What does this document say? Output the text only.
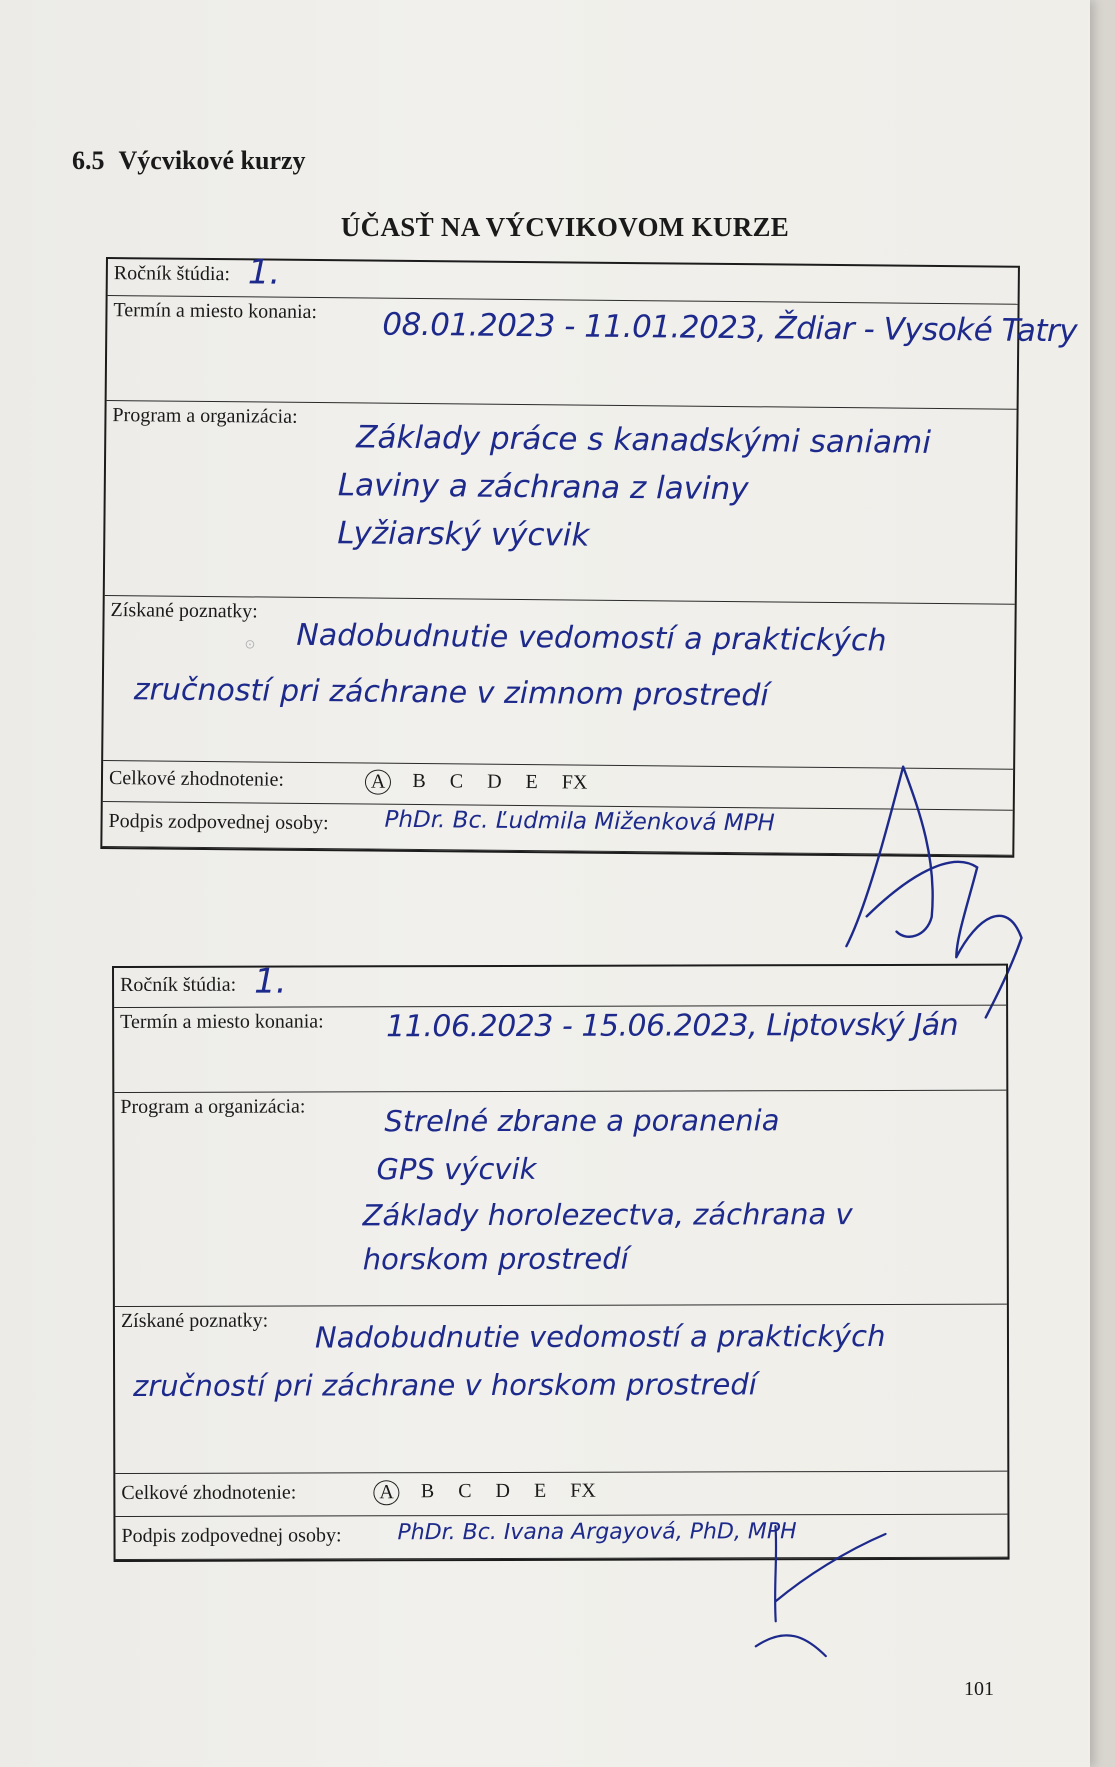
6.5 Výcvikové kurzy
ÚČASŤ NA VÝCVIKOVOM KURZE
Ročník štúdia: 1.
Termín a miesto konania: 08.01.2023 - 11.01.2023, Ždiar - Vysoké Tatry
Program a organizácia:
Základy práce s kanadskými saniami
Laviny a záchrana z laviny
Lyžiarský výcvik
Získané poznatky:
Nadobudnutie vedomostí a praktických
zručností pri záchrane v zimnom prostredí
⊙
Celkové zhodnotenie:	A	B C D E FX
Podpis zodpovednej osoby: PhDr. Bc. Ľudmila Miženková MPH
Ročník štúdia: 1.
Termín a miesto konania: 11.06.2023 - 15.06.2023, Liptovský Ján
Program a organizácia:	Strelné zbrane a poranenia
GPS výcvik
Základy horolezectva, záchrana v
horskom prostredí
Získané poznatky: Nadobudnutie vedomostí a praktických
zručností pri záchrane v horskom prostredí
Celkové zhodnotenie:	A	B C D E FX
Podpis zodpovednej osoby:	PhDr. Bc. Ivana Argayová, PhD, MPH
101
